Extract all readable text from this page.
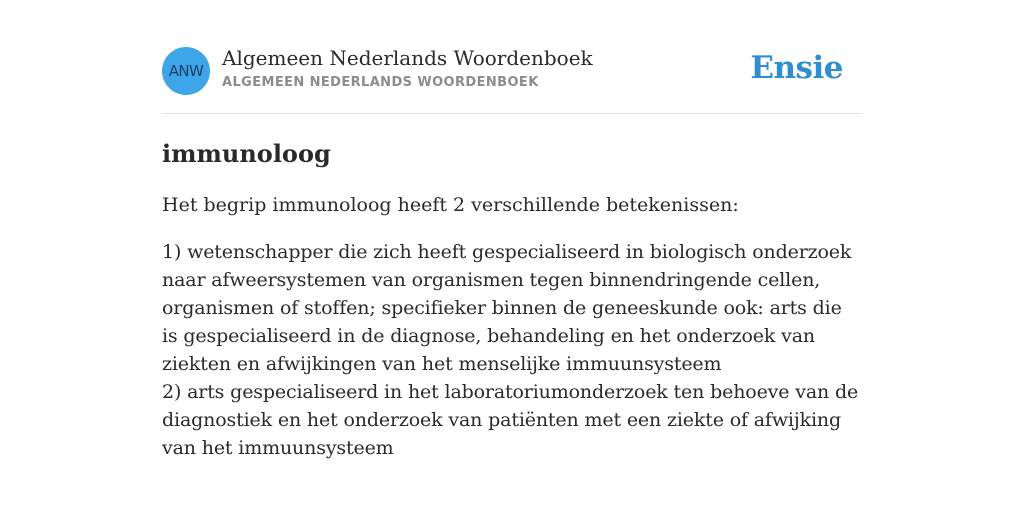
ANW
Algemeen Nederlands Woordenboek
ALGEMEEN NEDERLANDS WOORDENBOEK	Ensie
immunoloog

Het begrip immunoloog heeft 2 verschillende betekenissen:

1) wetenschapper die zich heeft gespecialiseerd in biologisch onderzoek naar afweersystemen van organismen tegen binnendringende cellen, organismen of stoffen; specifieker binnen de geneeskunde ook: arts die is gespecialiseerd in de diagnose, behandeling en het onderzoek van ziekten en afwijkingen van het menselijke immuunsysteem
2) arts gespecialiseerd in het laboratoriumonderzoek ten behoeve van de diagnostiek en het onderzoek van patiënten met een ziekte of afwijking van het immuunsysteem
